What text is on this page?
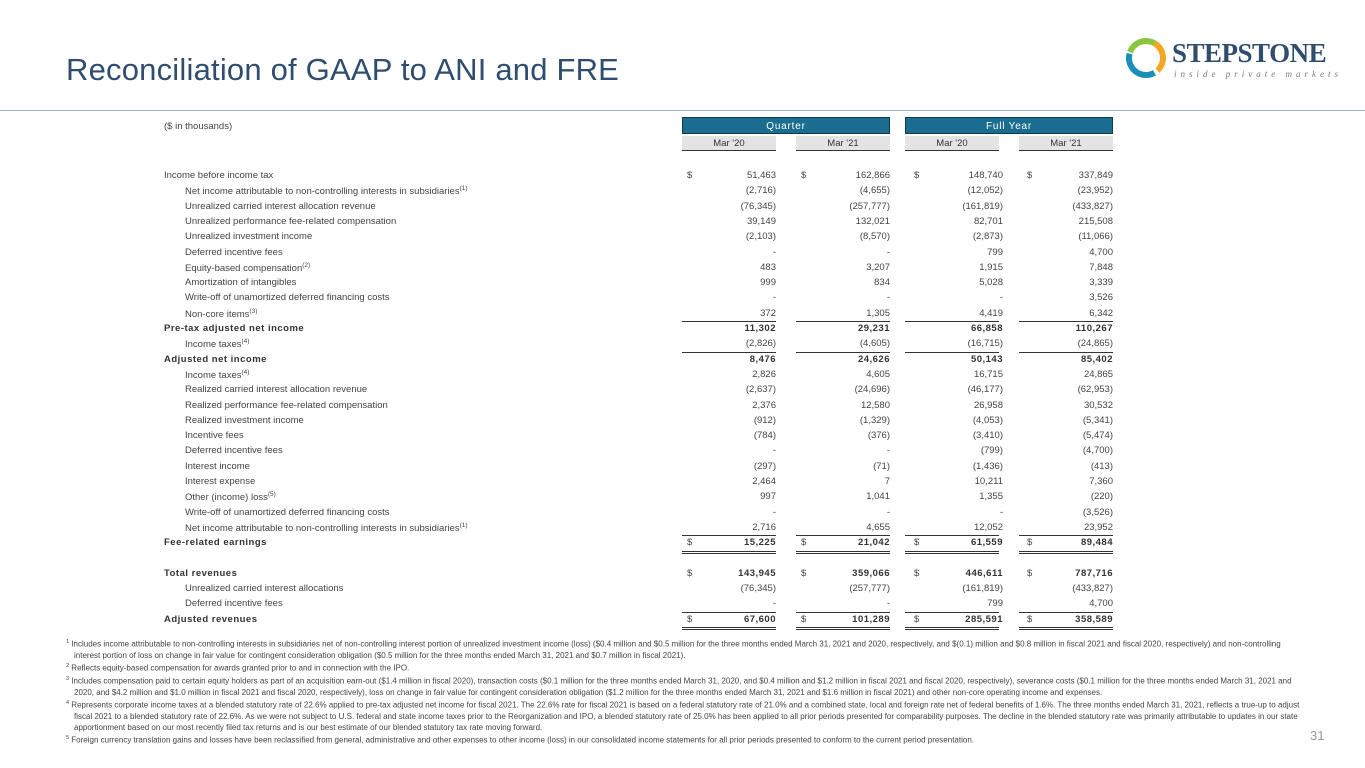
Reconciliation of GAAP to ANI and FRE	STEPSTONE
inside private markets
($ in thousands)	Quarter	Full Year
Mar '20	Mar '21	Mar '20	Mar '21
Income before income tax	$	51,463	$	162,866	$	148,740	$	337,849
Net income attributable to non-controlling interests in subsidiaries$^{(1)}$	(2,716)	(4,655)	(12,052)	(23,952)
Unrealized carried interest allocation revenue	(76,345)	(257,777)	(161,819)	(433,827)
Unrealized performance fee-related compensation	39,149	132,021	82,701	215,508
Unrealized investment income	(2,103)	(8,570)	(2,873)	(11,066)
Deferred incentive fees	-	-	799	4,700
Equity-based compensation$^{(2)}$	483	3,207	1,915	7,848
Amortization of intangibles	999	834	5,028	3,339
Write-off of unamortized deferred financing costs	-	-	-	3,526
Non-core items$^{(3)}$	372	1,305	4,419	6,342
Pre-tax adjusted net income	11,302	29,231	66,858	110,267
Income taxes$^{(4)}$	(2,826)	(4,605)	(16,715)	(24,865)
Adjusted net income	8,476	24,626	50,143	85,402
Income taxes$^{(4)}$	2,826	4,605	16,715	24,865
Realized carried interest allocation revenue	(2,637)	(24,696)	(46,177)	(62,953)
Realized performance fee-related compensation	2,376	12,580	26,958	30,532
Realized investment income	(912)	(1,329)	(4,053)	(5,341)
Incentive fees	(784)	(376)	(3,410)	(5,474)
Deferred incentive fees	-	-	(799)	(4,700)
Interest income	(297)	(71)	(1,436)	(413)
Interest expense	2,464	7	10,211	7,360
Other (income) loss$^{(5)}$	997	1,041	1,355	(220)
Write-off of unamortized deferred financing costs	-	-	-	(3,526)
Net income attributable to non-controlling interests in subsidiaries$^{(1)}$	2,716	4,655	12,052	23,952
Fee-related earnings	$	15,225	$	21,042	$	61,559	$	89,484
Total revenues	$	143,945	$	359,066	$	446,611	$	787,716
Unrealized carried interest allocations	(76,345)	(257,777)	(161,819)	(433,827)
Deferred incentive fees	-	-	799	4,700
Adjusted revenues	$	67,600	$	101,289	$	285,591	$	358,589

$^1$ Includes income attributable to non-controlling interests in subsidiaries net of non-controlling interest portion of unrealized investment income (loss) ($0.4 million and $0.5 million for the three months ended March 31, 2021 and 2020, respectively, and $(0.1) million and $0.8 million in fiscal 2021 and fiscal 2020, respectively) and non-controlling interest portion of loss on change in fair value for contingent consideration obligation ($0.5 million for the three months ended March 31, 2021 and $0.7 million in fiscal 2021).

$^2$ Reflects equity-based compensation for awards granted prior to and in connection with the IPO.

$^3$ Includes compensation paid to certain equity holders as part of an acquisition earn-out ($1.4 million in fiscal 2020), transaction costs ($0.1 million for the three months ended March 31, 2020, and $0.4 million and $1.2 million in fiscal 2021 and fiscal 2020, respectively), severance costs ($0.1 million for the three months ended March 31, 2021 and 2020, and $4.2 million and $1.0 million in fiscal 2021 and fiscal 2020, respectively), loss on change in fair value for contingent consideration obligation ($1.2 million for the three months ended March 31, 2021 and $1.6 million in fiscal 2021) and other non-core operating income and expenses.

$^4$ Represents corporate income taxes at a blended statutory rate of 22.6% applied to pre-tax adjusted net income for fiscal 2021. The 22.6% rate for fiscal 2021 is based on a federal statutory rate of 21.0% and a combined state, local and foreign rate net of federal benefits of 1.6%. The three months ended March 31, 2021, reflects a true-up to adjust fiscal 2021 to a blended statutory rate of 22.6%. As we were not subject to U.S. federal and state income taxes prior to the Reorganization and IPO, a blended statutory rate of 25.0% has been applied to all prior periods presented for comparability purposes. The decline in the blended statutory rate was primarily attributable to updates in our state apportionment based on our most recently filed tax returns and is our best estimate of our blended statutory tax rate moving forward.

$^5$ Foreign currency translation gains and losses have been reclassified from general, administrative and other expenses to other income (loss) in our consolidated income statements for all prior periods presented to conform to the current period presentation.	31
